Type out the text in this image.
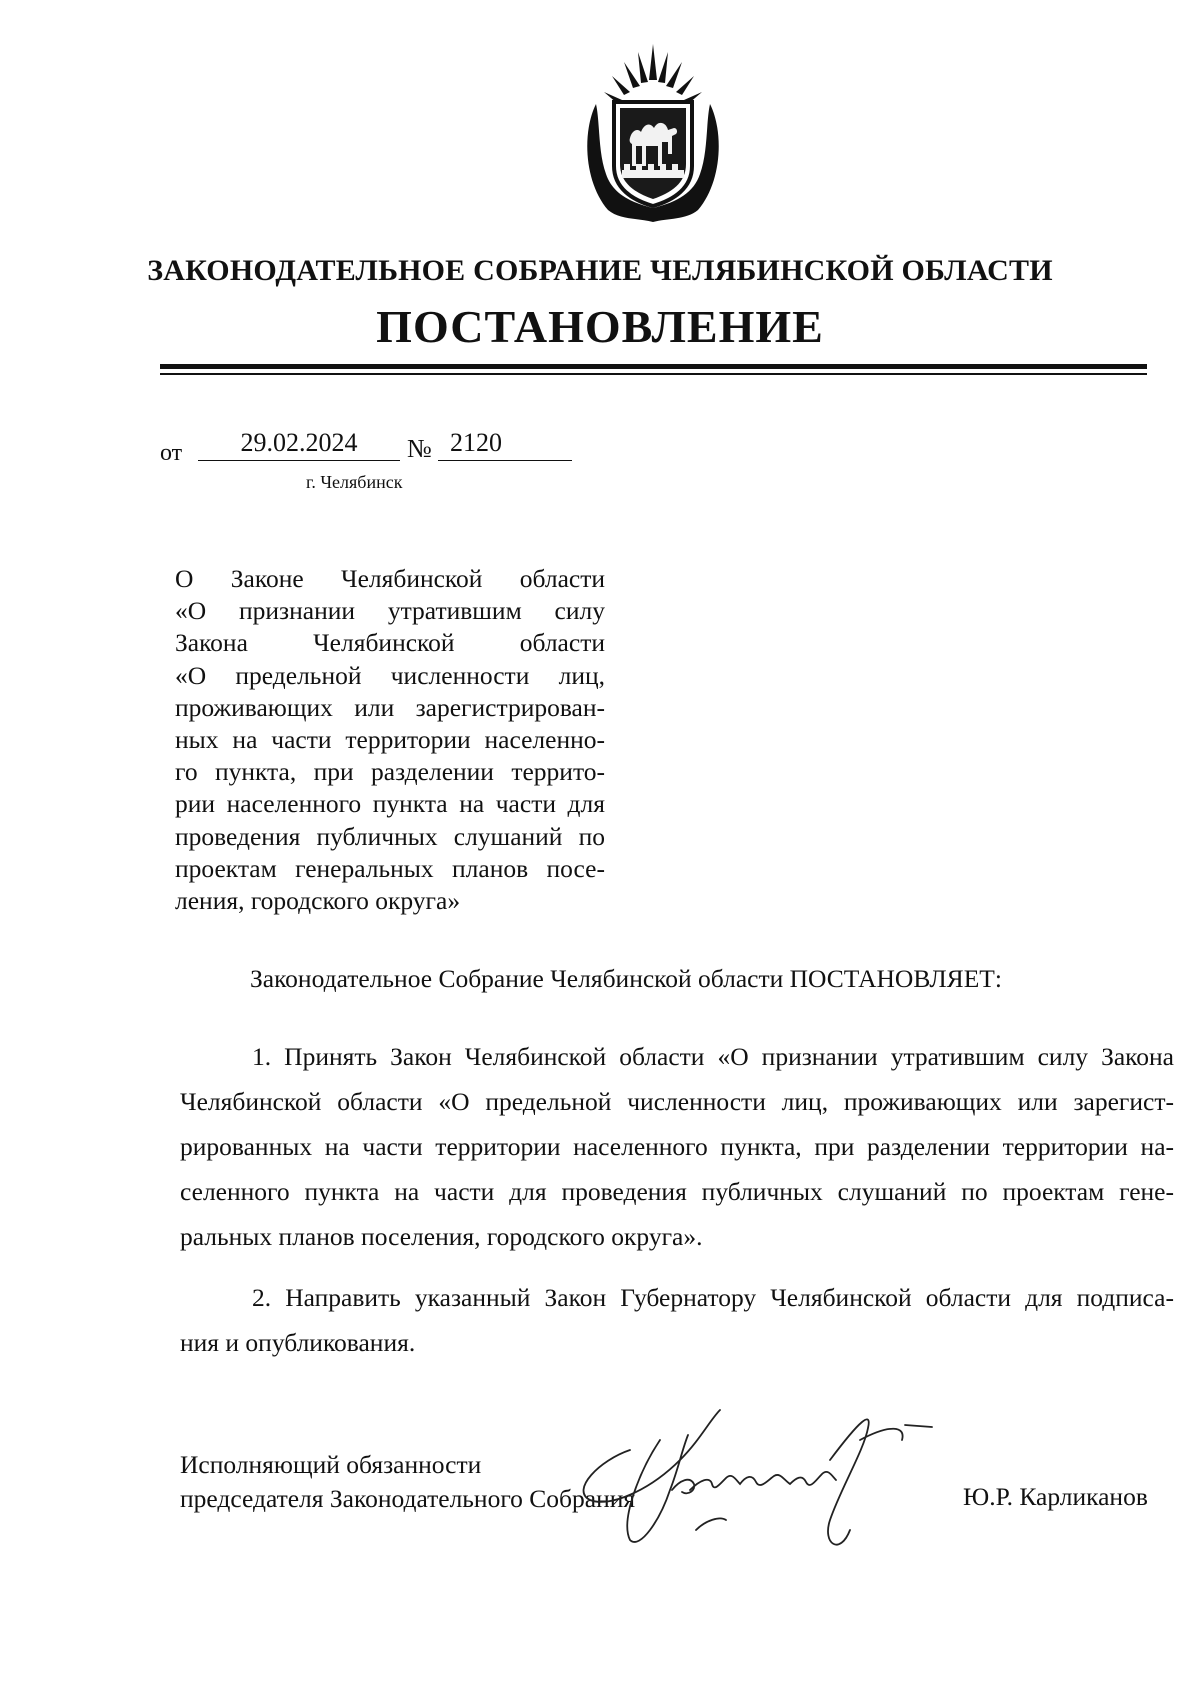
ЗАКОНОДАТЕЛЬНОЕ СОБРАНИЕ ЧЕЛЯБИНСКОЙ ОБЛАСТИ
ПОСТАНОВЛЕНИЕ
от	29.02.2024	№ 2120
г. Челябинск
О Законе Челябинской области
«О признании утратившим силу
Закона Челябинской области
«О предельной численности лиц,
проживающих или зарегистрирован-
ных на части территории населенно-
го пункта, при разделении террито-
рии населенного пункта на части для
проведения публичных слушаний по
проектам генеральных планов посе-
ления, городского округа»
Законодательное Собрание Челябинской области ПОСТАНОВЛЯЕТ:
1. Принять Закон Челябинской области «О признании утратившим силу Закона
Челябинской области «О предельной численности лиц, проживающих или зарегист-
рированных на части территории населенного пункта, при разделении территории на-
селенного пункта на части для проведения публичных слушаний по проектам гене-
ральных планов поселения, городского округа».
2. Направить указанный Закон Губернатору Челябинской области для подписа-
ния и опубликования.
Исполняющий обязанности
председателя Законодательного Собрания	Ю.Р. Карликанов
